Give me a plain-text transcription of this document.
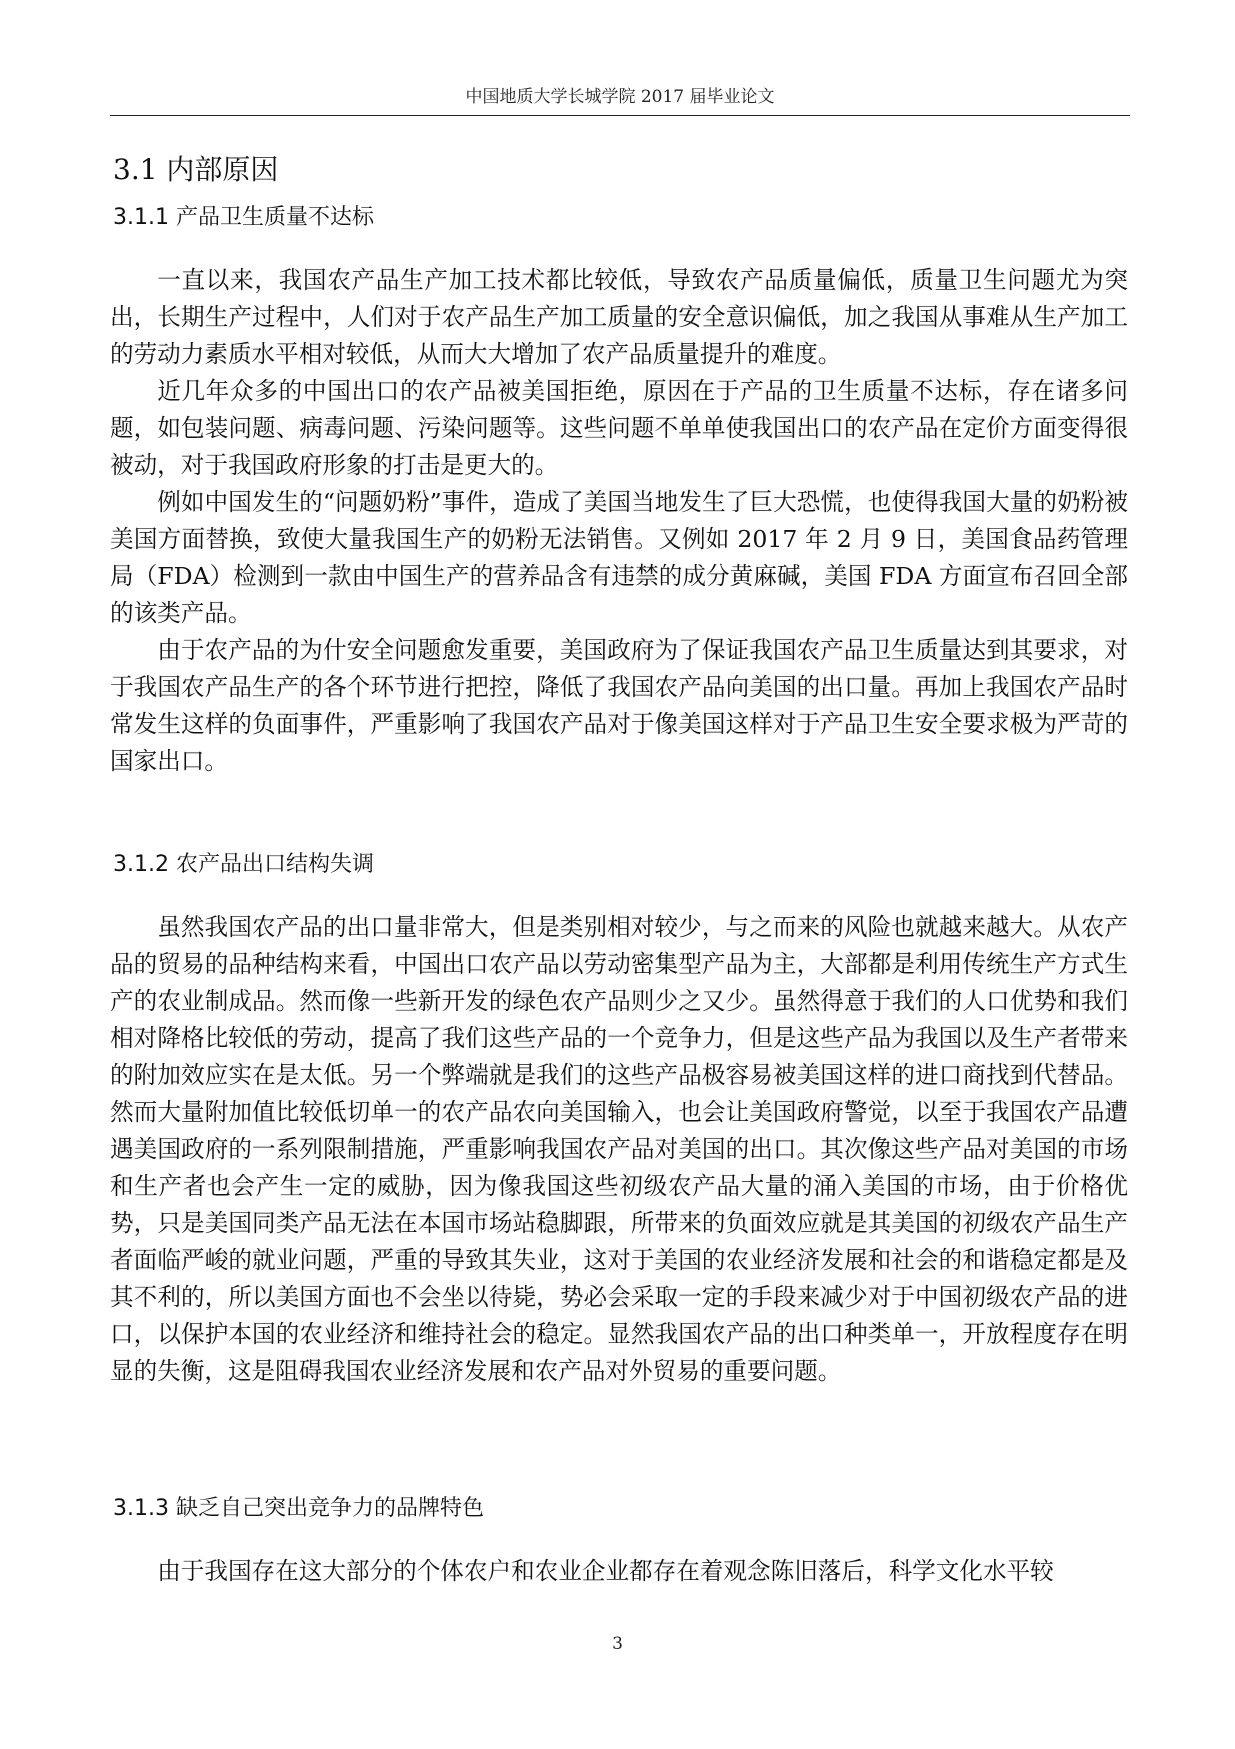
中国地质大学长城学院 2017 届毕业论文
3.1 内部原因
3.1.1 产品卫生质量不达标

一直以来，我国农产品生产加工技术都比较低，导致农产品质量偏低，质量卫生问题尤为突出，长期生产过程中，人们对于农产品生产加工质量的安全意识偏低，加之我国从事难从生产加工的劳动力素质水平相对较低，从而大大增加了农产品质量提升的难度。

近几年众多的中国出口的农产品被美国拒绝，原因在于产品的卫生质量不达标，存在诸多问题，如包装问题、病毒问题、污染问题等。这些问题不单单使我国出口的农产品在定价方面变得很被动，对于我国政府形象的打击是更大的。

例如中国发生的“问题奶粉”事件，造成了美国当地发生了巨大恐慌，也使得我国大量的奶粉被美国方面替换，致使大量我国生产的奶粉无法销售。又例如 2017 年 2 月 9 日，美国食品药管理局（FDA）检测到一款由中国生产的营养品含有违禁的成分黄麻碱，美国 FDA 方面宣布召回全部的该类产品。

由于农产品的为什安全问题愈发重要，美国政府为了保证我国农产品卫生质量达到其要求，对于我国农产品生产的各个环节进行把控，降低了我国农产品向美国的出口量。再加上我国农产品时常发生这样的负面事件，严重影响了我国农产品对于像美国这样对于产品卫生安全要求极为严苛的国家出口。

3.1.2 农产品出口结构失调

虽然我国农产品的出口量非常大，但是类别相对较少，与之而来的风险也就越来越大。从农产品的贸易的品种结构来看，中国出口农产品以劳动密集型产品为主，大部都是利用传统生产方式生产的农业制成品。然而像一些新开发的绿色农产品则少之又少。虽然得意于我们的人口优势和我们相对降格比较低的劳动，提高了我们这些产品的一个竞争力，但是这些产品为我国以及生产者带来的附加效应实在是太低。另一个弊端就是我们的这些产品极容易被美国这样的进口商找到代替品。然而大量附加值比较低切单一的农产品农向美国输入，也会让美国政府警觉，以至于我国农产品遭遇美国政府的一系列限制措施，严重影响我国农产品对美国的出口。其次像这些产品对美国的市场和生产者也会产生一定的威胁，因为像我国这些初级农产品大量的涌入美国的市场，由于价格优势，只是美国同类产品无法在本国市场站稳脚跟，所带来的负面效应就是其美国的初级农产品生产者面临严峻的就业问题，严重的导致其失业，这对于美国的农业经济发展和社会的和谐稳定都是及其不利的，所以美国方面也不会坐以待毙，势必会采取一定的手段来减少对于中国初级农产品的进口，以保护本国的农业经济和维持社会的稳定。显然我国农产品的出口种类单一，开放程度存在明显的失衡，这是阻碍我国农业经济发展和农产品对外贸易的重要问题。

3.1.3 缺乏自己突出竞争力的品牌特色

由于我国存在这大部分的个体农户和农业企业都存在着观念陈旧落后，科学文化水平较

3
